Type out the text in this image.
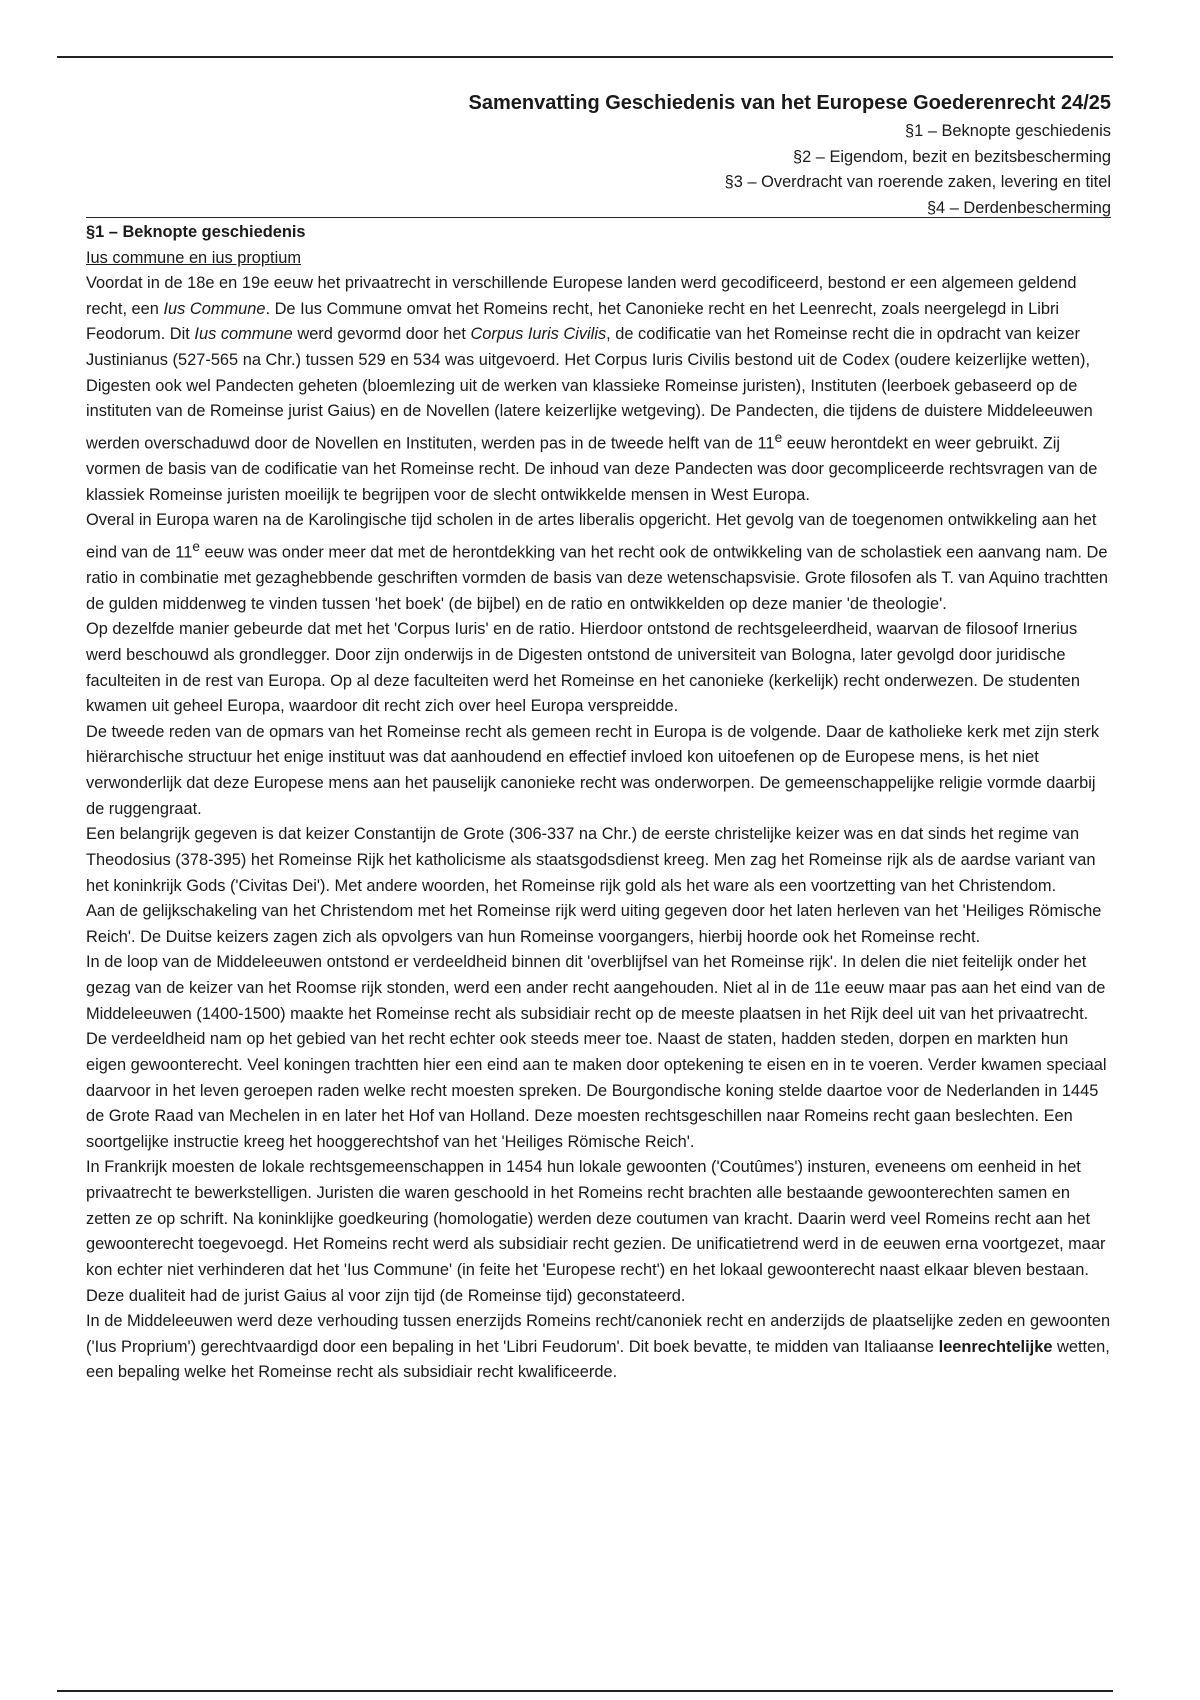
Samenvatting Geschiedenis van het Europese Goederenrecht 24/25
§1 – Beknopte geschiedenis
§2 – Eigendom, bezit en bezitsbescherming
§3 – Overdracht van roerende zaken, levering en titel
§4 – Derdenbescherming
§1 – Beknopte geschiedenis
Ius commune en ius proptium

Voordat in de 18e en 19e eeuw het privaatrecht in verschillende Europese landen werd gecodificeerd, bestond er een algemeen geldend recht, een Ius Commune. De Ius Commune omvat het Romeins recht, het Canonieke recht en het Leenrecht, zoals neergelegd in Libri Feodorum. Dit Ius commune werd gevormd door het Corpus Iuris Civilis, de codificatie van het Romeinse recht die in opdracht van keizer Justinianus (527-565 na Chr.) tussen 529 en 534 was uitgevoerd. Het Corpus Iuris Civilis bestond uit de Codex (oudere keizerlijke wetten), Digesten ook wel Pandecten geheten (bloemlezing uit de werken van klassieke Romeinse juristen), Instituten (leerboek gebaseerd op de instituten van de Romeinse jurist Gaius) en de Novellen (latere keizerlijke wetgeving). De Pandecten, die tijdens de duistere Middeleeuwen werden overschaduwd door de Novellen en Instituten, werden pas in de tweede helft van de 11e eeuw herontdekt en weer gebruikt. Zij vormen de basis van de codificatie van het Romeinse recht. De inhoud van deze Pandecten was door gecompliceerde rechtsvragen van de klassiek Romeinse juristen moeilijk te begrijpen voor de slecht ontwikkelde mensen in West Europa.

Overal in Europa waren na de Karolingische tijd scholen in de artes liberalis opgericht. Het gevolg van de toegenomen ontwikkeling aan het eind van de 11e eeuw was onder meer dat met de herontdekking van het recht ook de ontwikkeling van de scholastiek een aanvang nam. De ratio in combinatie met gezaghebbende geschriften vormden de basis van deze wetenschapsvisie. Grote filosofen als T. van Aquino trachtten de gulden middenweg te vinden tussen 'het boek' (de bijbel) en de ratio en ontwikkelden op deze manier 'de theologie'.

Op dezelfde manier gebeurde dat met het 'Corpus Iuris' en de ratio. Hierdoor ontstond de rechtsgeleerdheid, waarvan de filosoof Irnerius werd beschouwd als grondlegger. Door zijn onderwijs in de Digesten ontstond de universiteit van Bologna, later gevolgd door juridische faculteiten in de rest van Europa. Op al deze faculteiten werd het Romeinse en het canonieke (kerkelijk) recht onderwezen. De studenten kwamen uit geheel Europa, waardoor dit recht zich over heel Europa verspreidde.

De tweede reden van de opmars van het Romeinse recht als gemeen recht in Europa is de volgende. Daar de katholieke kerk met zijn sterk hiërarchische structuur het enige instituut was dat aanhoudend en effectief invloed kon uitoefenen op de Europese mens, is het niet verwonderlijk dat deze Europese mens aan het pauselijk canonieke recht was onderworpen. De gemeenschappelijke religie vormde daarbij de ruggengraat.

Een belangrijk gegeven is dat keizer Constantijn de Grote (306-337 na Chr.) de eerste christelijke keizer was en dat sinds het regime van Theodosius (378-395) het Romeinse Rijk het katholicisme als staatsgodsdienst kreeg. Men zag het Romeinse rijk als de aardse variant van het koninkrijk Gods ('Civitas Dei'). Met andere woorden, het Romeinse rijk gold als het ware als een voortzetting van het Christendom.

Aan de gelijkschakeling van het Christendom met het Romeinse rijk werd uiting gegeven door het laten herleven van het 'Heiliges Römische Reich'. De Duitse keizers zagen zich als opvolgers van hun Romeinse voorgangers, hierbij hoorde ook het Romeinse recht.

In de loop van de Middeleeuwen ontstond er verdeeldheid binnen dit 'overblijfsel van het Romeinse rijk'. In delen die niet feitelijk onder het gezag van de keizer van het Roomse rijk stonden, werd een ander recht aangehouden. Niet al in de 11e eeuw maar pas aan het eind van de Middeleeuwen (1400-1500) maakte het Romeinse recht als subsidiair recht op de meeste plaatsen in het Rijk deel uit van het privaatrecht. De verdeeldheid nam op het gebied van het recht echter ook steeds meer toe. Naast de staten, hadden steden, dorpen en markten hun eigen gewoonterecht. Veel koningen trachtten hier een eind aan te maken door optekening te eisen en in te voeren. Verder kwamen speciaal daarvoor in het leven geroepen raden welke recht moesten spreken. De Bourgondische koning stelde daartoe voor de Nederlanden in 1445 de Grote Raad van Mechelen in en later het Hof van Holland. Deze moesten rechtsgeschillen naar Romeins recht gaan beslechten. Een soortgelijke instructie kreeg het hooggerechtshof van het 'Heiliges Römische Reich'.

In Frankrijk moesten de lokale rechtsgemeenschappen in 1454 hun lokale gewoonten ('Coutûmes') insturen, eveneens om eenheid in het privaatrecht te bewerkstelligen. Juristen die waren geschoold in het Romeins recht brachten alle bestaande gewoonterechten samen en zetten ze op schrift. Na koninklijke goedkeuring (homologatie) werden deze coutumen van kracht. Daarin werd veel Romeins recht aan het gewoonterecht toegevoegd. Het Romeins recht werd als subsidiair recht gezien. De unificatietrend werd in de eeuwen erna voortgezet, maar kon echter niet verhinderen dat het 'Ius Commune' (in feite het 'Europese recht') en het lokaal gewoonterecht naast elkaar bleven bestaan. Deze dualiteit had de jurist Gaius al voor zijn tijd (de Romeinse tijd) geconstateerd.

In de Middeleeuwen werd deze verhouding tussen enerzijds Romeins recht/canoniek recht en anderzijds de plaatselijke zeden en gewoonten ('Ius Proprium') gerechtvaardigd door een bepaling in het 'Libri Feudorum'. Dit boek bevatte, te midden van Italiaanse leenrechtelijke wetten, een bepaling welke het Romeinse recht als subsidiair recht kwalificeerde.
